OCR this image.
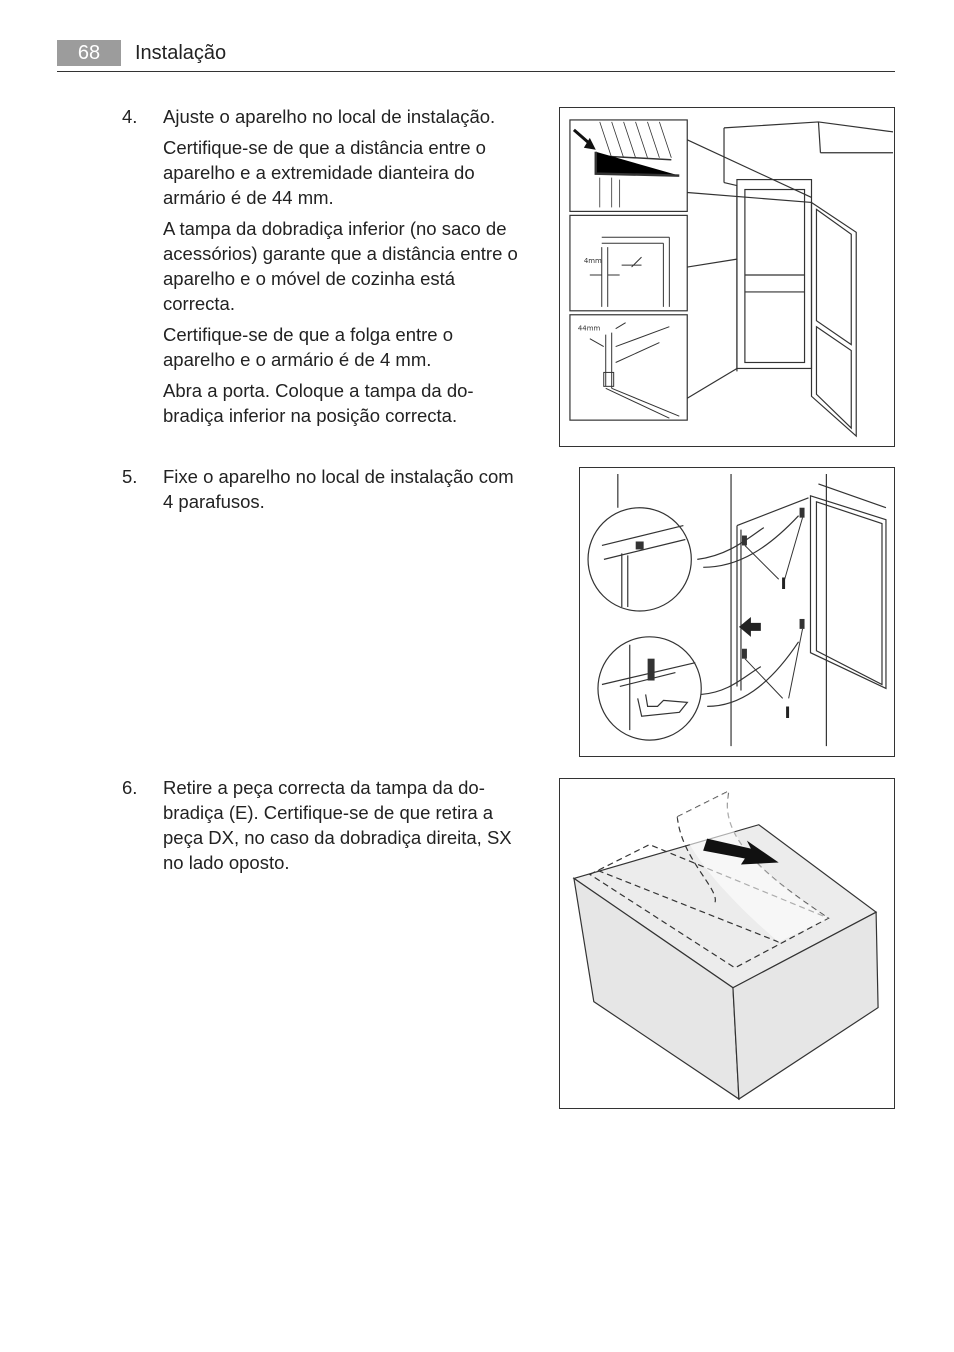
68	Instalação
4. Ajuste o aparelho no local de instalação.

Certifique-se de que a distância entre o aparelho e a extremidade dianteira do armário é de 44 mm.

A tampa da dobradiça inferior (no saco de acessórios) garante que a distância entre o aparelho e o móvel de cozinha está correcta.

Certifique-se de que a folga entre o aparelho e o armário é de 4 mm.

Abra a porta. Coloque a tampa da do-bradiça inferior na posição correcta.

5. Fixe o aparelho no local de instalação com 4 parafusos.

6. Retire a peça correcta da tampa da do-bradiça (E). Certifique-se de que retira a peça DX, no caso da dobradiça direita, SX no lado oposto.

4mm
44mm
I
I
